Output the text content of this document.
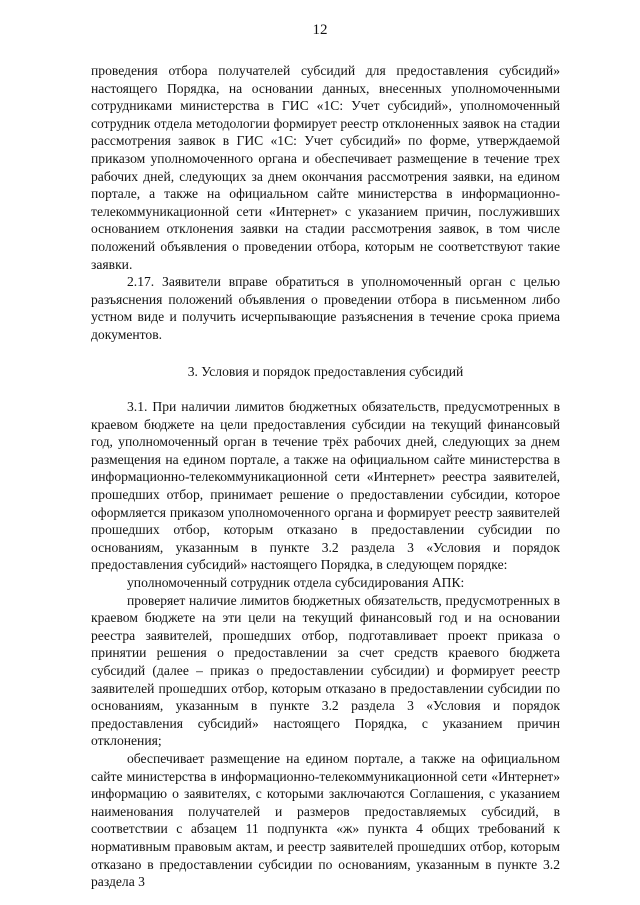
12

проведения отбора получателей субсидий для предоставления субсидий» настоящего Порядка, на основании данных, внесенных уполномоченными сотрудниками министерства в ГИС «1С: Учет субсидий», уполномоченный сотрудник отдела методологии формирует реестр отклоненных заявок на стадии рассмотрения заявок в ГИС «1С: Учет субсидий» по форме, утверждаемой приказом уполномоченного органа и обеспечивает размещение в течение трех рабочих дней, следующих за днем окончания рассмотрения заявки, на едином портале, а также на официальном сайте министерства в информационно-телекоммуникационной сети «Интернет» с указанием причин, послуживших основанием отклонения заявки на стадии рассмотрения заявок, в том числе положений объявления о проведении отбора, которым не соответствуют такие заявки.

2.17. Заявители вправе обратиться в уполномоченный орган с целью разъяснения положений объявления о проведении отбора в письменном либо устном виде и получить исчерпывающие разъяснения в течение срока приема документов.

3. Условия и порядок предоставления субсидий

3.1. При наличии лимитов бюджетных обязательств, предусмотренных в краевом бюджете на цели предоставления субсидии на текущий финансовый год, уполномоченный орган в течение трёх рабочих дней, следующих за днем размещения на едином портале, а также на официальном сайте министерства в информационно-телекоммуникационной сети «Интернет» реестра заявителей, прошедших отбор, принимает решение о предоставлении субсидии, которое оформляется приказом уполномоченного органа и формирует реестр заявителей прошедших отбор, которым отказано в предоставлении субсидии по основаниям, указанным в пункте 3.2 раздела 3 «Условия и порядок предоставления субсидий» настоящего Порядка, в следующем порядке:

уполномоченный сотрудник отдела субсидирования АПК:

проверяет наличие лимитов бюджетных обязательств, предусмотренных в краевом бюджете на эти цели на текущий финансовый год и на основании реестра заявителей, прошедших отбор, подготавливает проект приказа о принятии решения о предоставлении за счет средств краевого бюджета субсидий (далее – приказ о предоставлении субсидии) и формирует реестр заявителей прошедших отбор, которым отказано в предоставлении субсидии по основаниям, указанным в пункте 3.2 раздела 3 «Условия и порядок предоставления субсидий» настоящего Порядка, с указанием причин отклонения;

обеспечивает размещение на едином портале, а также на официальном сайте министерства в информационно-телекоммуникационной сети «Интернет» информацию о заявителях, с которыми заключаются Соглашения, с указанием наименования получателей и размеров предоставляемых субсидий, в соответствии с абзацем 11 подпункта «ж» пункта 4 общих требований к нормативным правовым актам, и реестр заявителей прошедших отбор, которым отказано в предоставлении субсидии по основаниям, указанным в пункте 3.2 раздела 3
